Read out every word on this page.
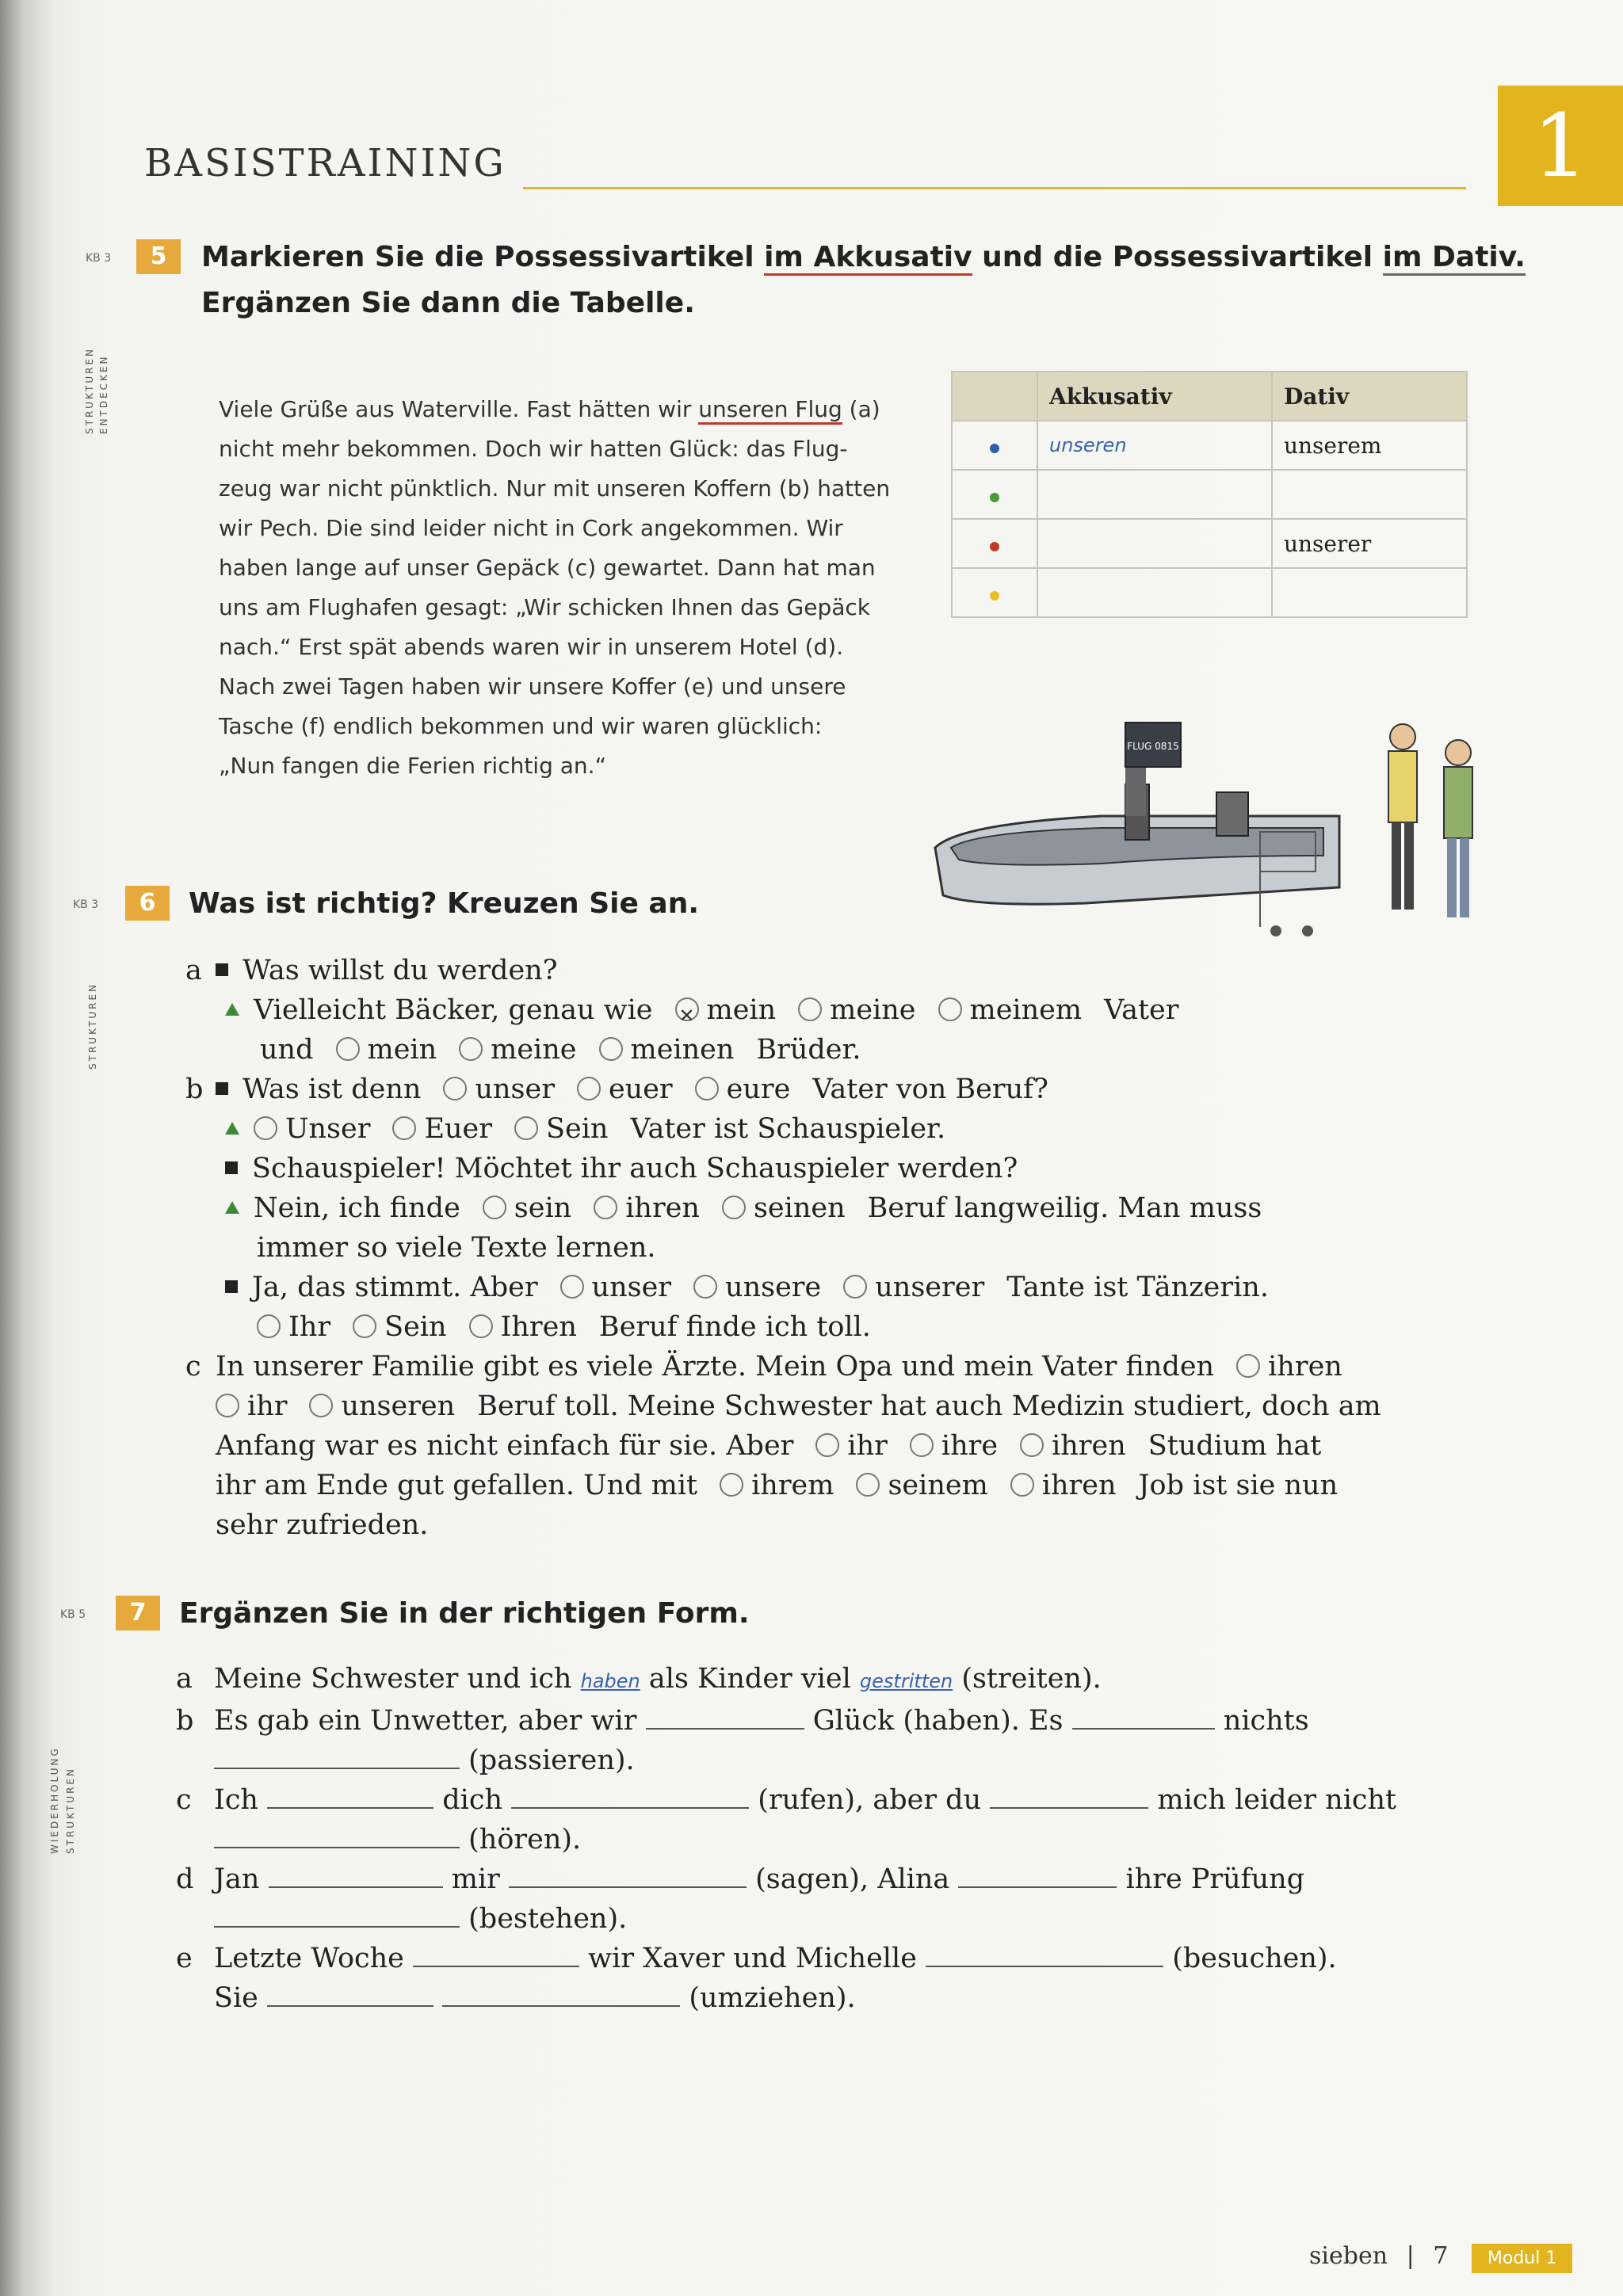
BASISTRAINING	1
KB 3	5	Markieren Sie die Possessivartikel im Akkusativ und die Possessivartikel im Dativ.
Ergänzen Sie dann die Tabelle.
STRUKTUREN ENTDECKEN	Viele Grüße aus Waterville. Fast hätten wir unseren Flug (a)
nicht mehr bekommen. Doch wir hatten Glück: das Flug-
zeug war nicht pünktlich. Nur mit unseren Koffern (b) hatten
wir Pech. Die sind leider nicht in Cork angekommen. Wir
haben lange auf unser Gepäck (c) gewartet. Dann hat man
uns am Flughafen gesagt: „Wir schicken Ihnen das Gepäck
nach.“ Erst spät abends waren wir in unserem Hotel (d).
Nach zwei Tagen haben wir unsere Koffer (e) und unsere
Tasche (f) endlich bekommen und wir waren glücklich:
„Nun fangen die Ferien richtig an.“
	Akkusativ	Dativ
	unseren	unserem

		unserer

FLUG 0815
KB 3	6	Was ist richtig? Kreuzen Sie an.
STRUKTUREN
a Was willst du werden?
Vielleicht Bäcker, genau wie ✕ mein meine meinem Vater
und mein meine meinen Brüder.
b Was ist denn unser euer eure Vater von Beruf?
Unser Euer Sein Vater ist Schauspieler.
Schauspieler! Möchtet ihr auch Schauspieler werden?
Nein, ich finde sein ihren seinen Beruf langweilig. Man muss
immer so viele Texte lernen.
Ja, das stimmt. Aber unser unsere unserer Tante ist Tänzerin.
Ihr Sein Ihren Beruf finde ich toll.
c In unserer Familie gibt es viele Ärzte. Mein Opa und mein Vater finden ihren
ihr unseren Beruf toll. Meine Schwester hat auch Medizin studiert, doch am
Anfang war es nicht einfach für sie. Aber ihr ihre ihren Studium hat
ihr am Ende gut gefallen. Und mit ihrem seinem ihren Job ist sie nun
sehr zufrieden.
KB 5	7	Ergänzen Sie in der richtigen Form.
WIEDERHOLUNG STRUKTUREN
a Meine Schwester und ich haben als Kinder viel gestritten (streiten).
b Es gab ein Unwetter, aber wir	Glück (haben). Es	nichts
(passieren).
c Ich	dich	(rufen), aber du	mich leider nicht
(hören).
d Jan	mir	(sagen), Alina	ihre Prüfung
(bestehen).
e Letzte Woche	wir Xaver und Michelle	(besuchen).
Sie	(umziehen).
sieben | 7 Modul 1
